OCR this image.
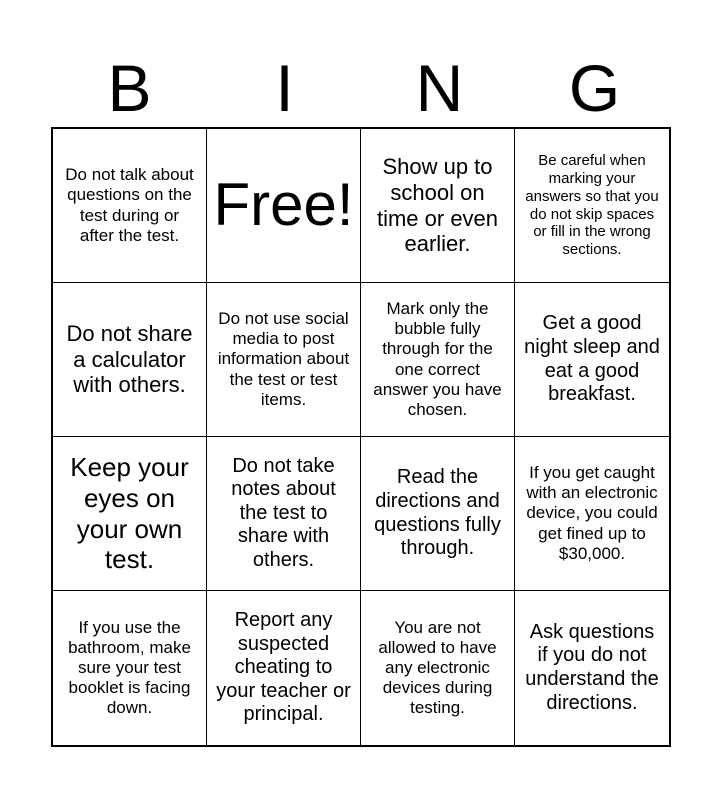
B	I	N	G
Do not talk about questions on the test during or after the test. Free!
Show up to school on time or even earlier.
Be careful when marking your answers so that you do not skip spaces or fill in the wrong sections.
Do not share a calculator with others.
Do not use social media to post information about the test or test items.
Mark only the bubble fully through for the one correct answer you have chosen.
Get a good night sleep and eat a good breakfast.
Keep your eyes on your own test.
Do not take notes about the test to share with others.
Read the directions and questions fully through.
If you get caught with an electronic device, you could get fined up to $30,000.
If you use the bathroom, make sure your test booklet is facing down.
Report any suspected cheating to your teacher or principal.
You are not allowed to have any electronic devices during testing.
Ask questions if you do not understand the directions.
